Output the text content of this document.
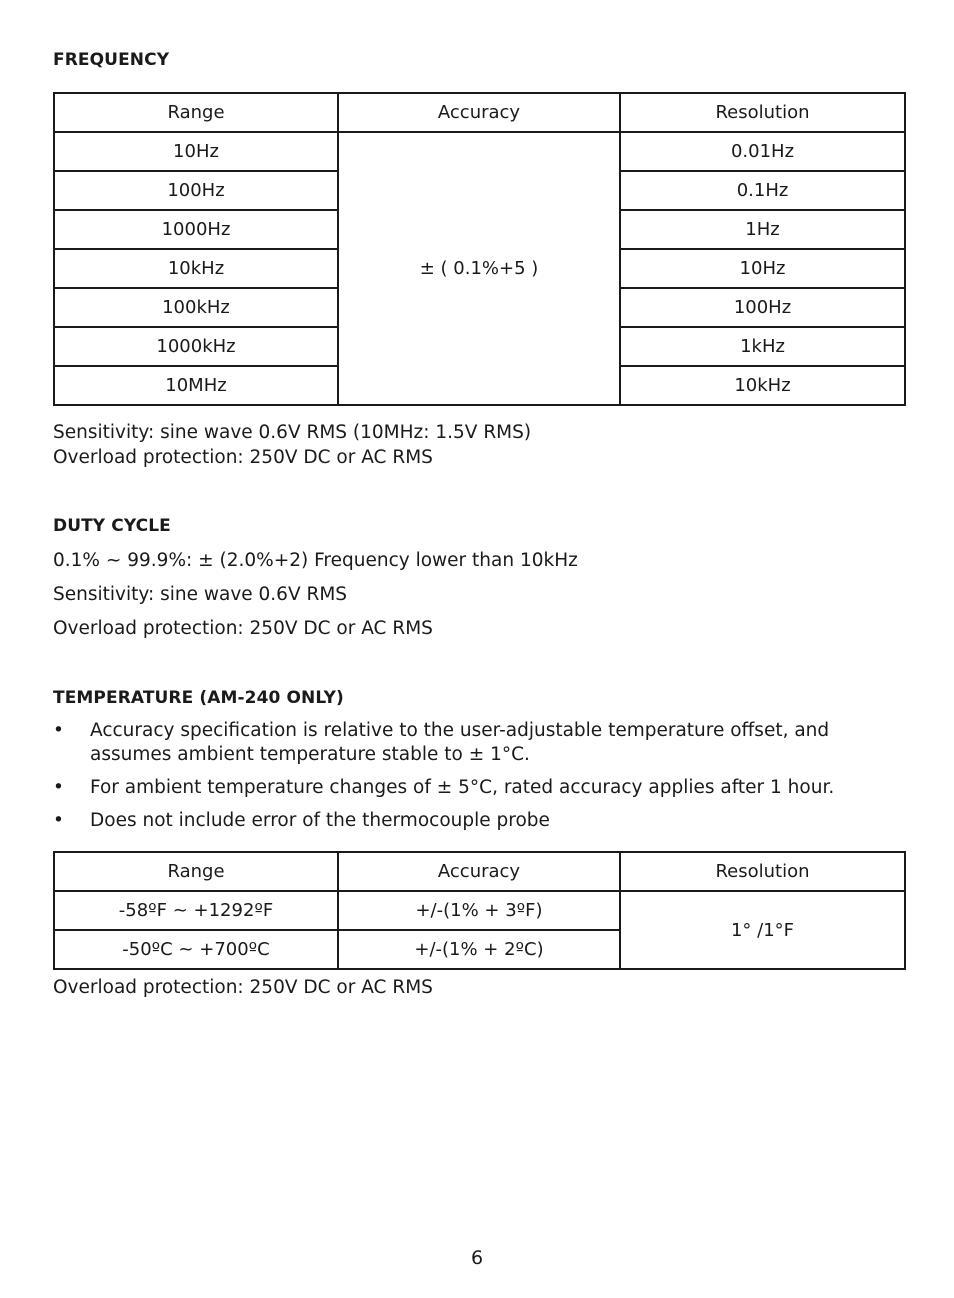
FREQUENCY
Range	Accuracy	Resolution
10Hz	± ( 0.1%+5 )	0.01Hz
100Hz		0.1Hz
1000Hz		1Hz
10kHz		10Hz
100kHz		100Hz
1000kHz		1kHz
10MHz		10kHz
Sensitivity: sine wave 0.6V RMS (10MHz: 1.5V RMS)
Overload protection: 250V DC or AC RMS
DUTY CYCLE
0.1% ~ 99.9%: ± (2.0%+2) Frequency lower than 10kHz
Sensitivity: sine wave 0.6V RMS
Overload protection: 250V DC or AC RMS
TEMPERATURE (AM-240 ONLY)
• Accuracy specification is relative to the user-adjustable temperature offset, and assumes ambient temperature stable to ± 1°C.
• For ambient temperature changes of ± 5°C, rated accuracy applies after 1 hour.
• Does not include error of the thermocouple probe
Range	Accuracy	Resolution
-58ºF ~ +1292ºF	+/-(1% + 3ºF)	1° /1°F
-50ºC ~ +700ºC	+/-(1% + 2ºC)	
Overload protection: 250V DC or AC RMS
6
